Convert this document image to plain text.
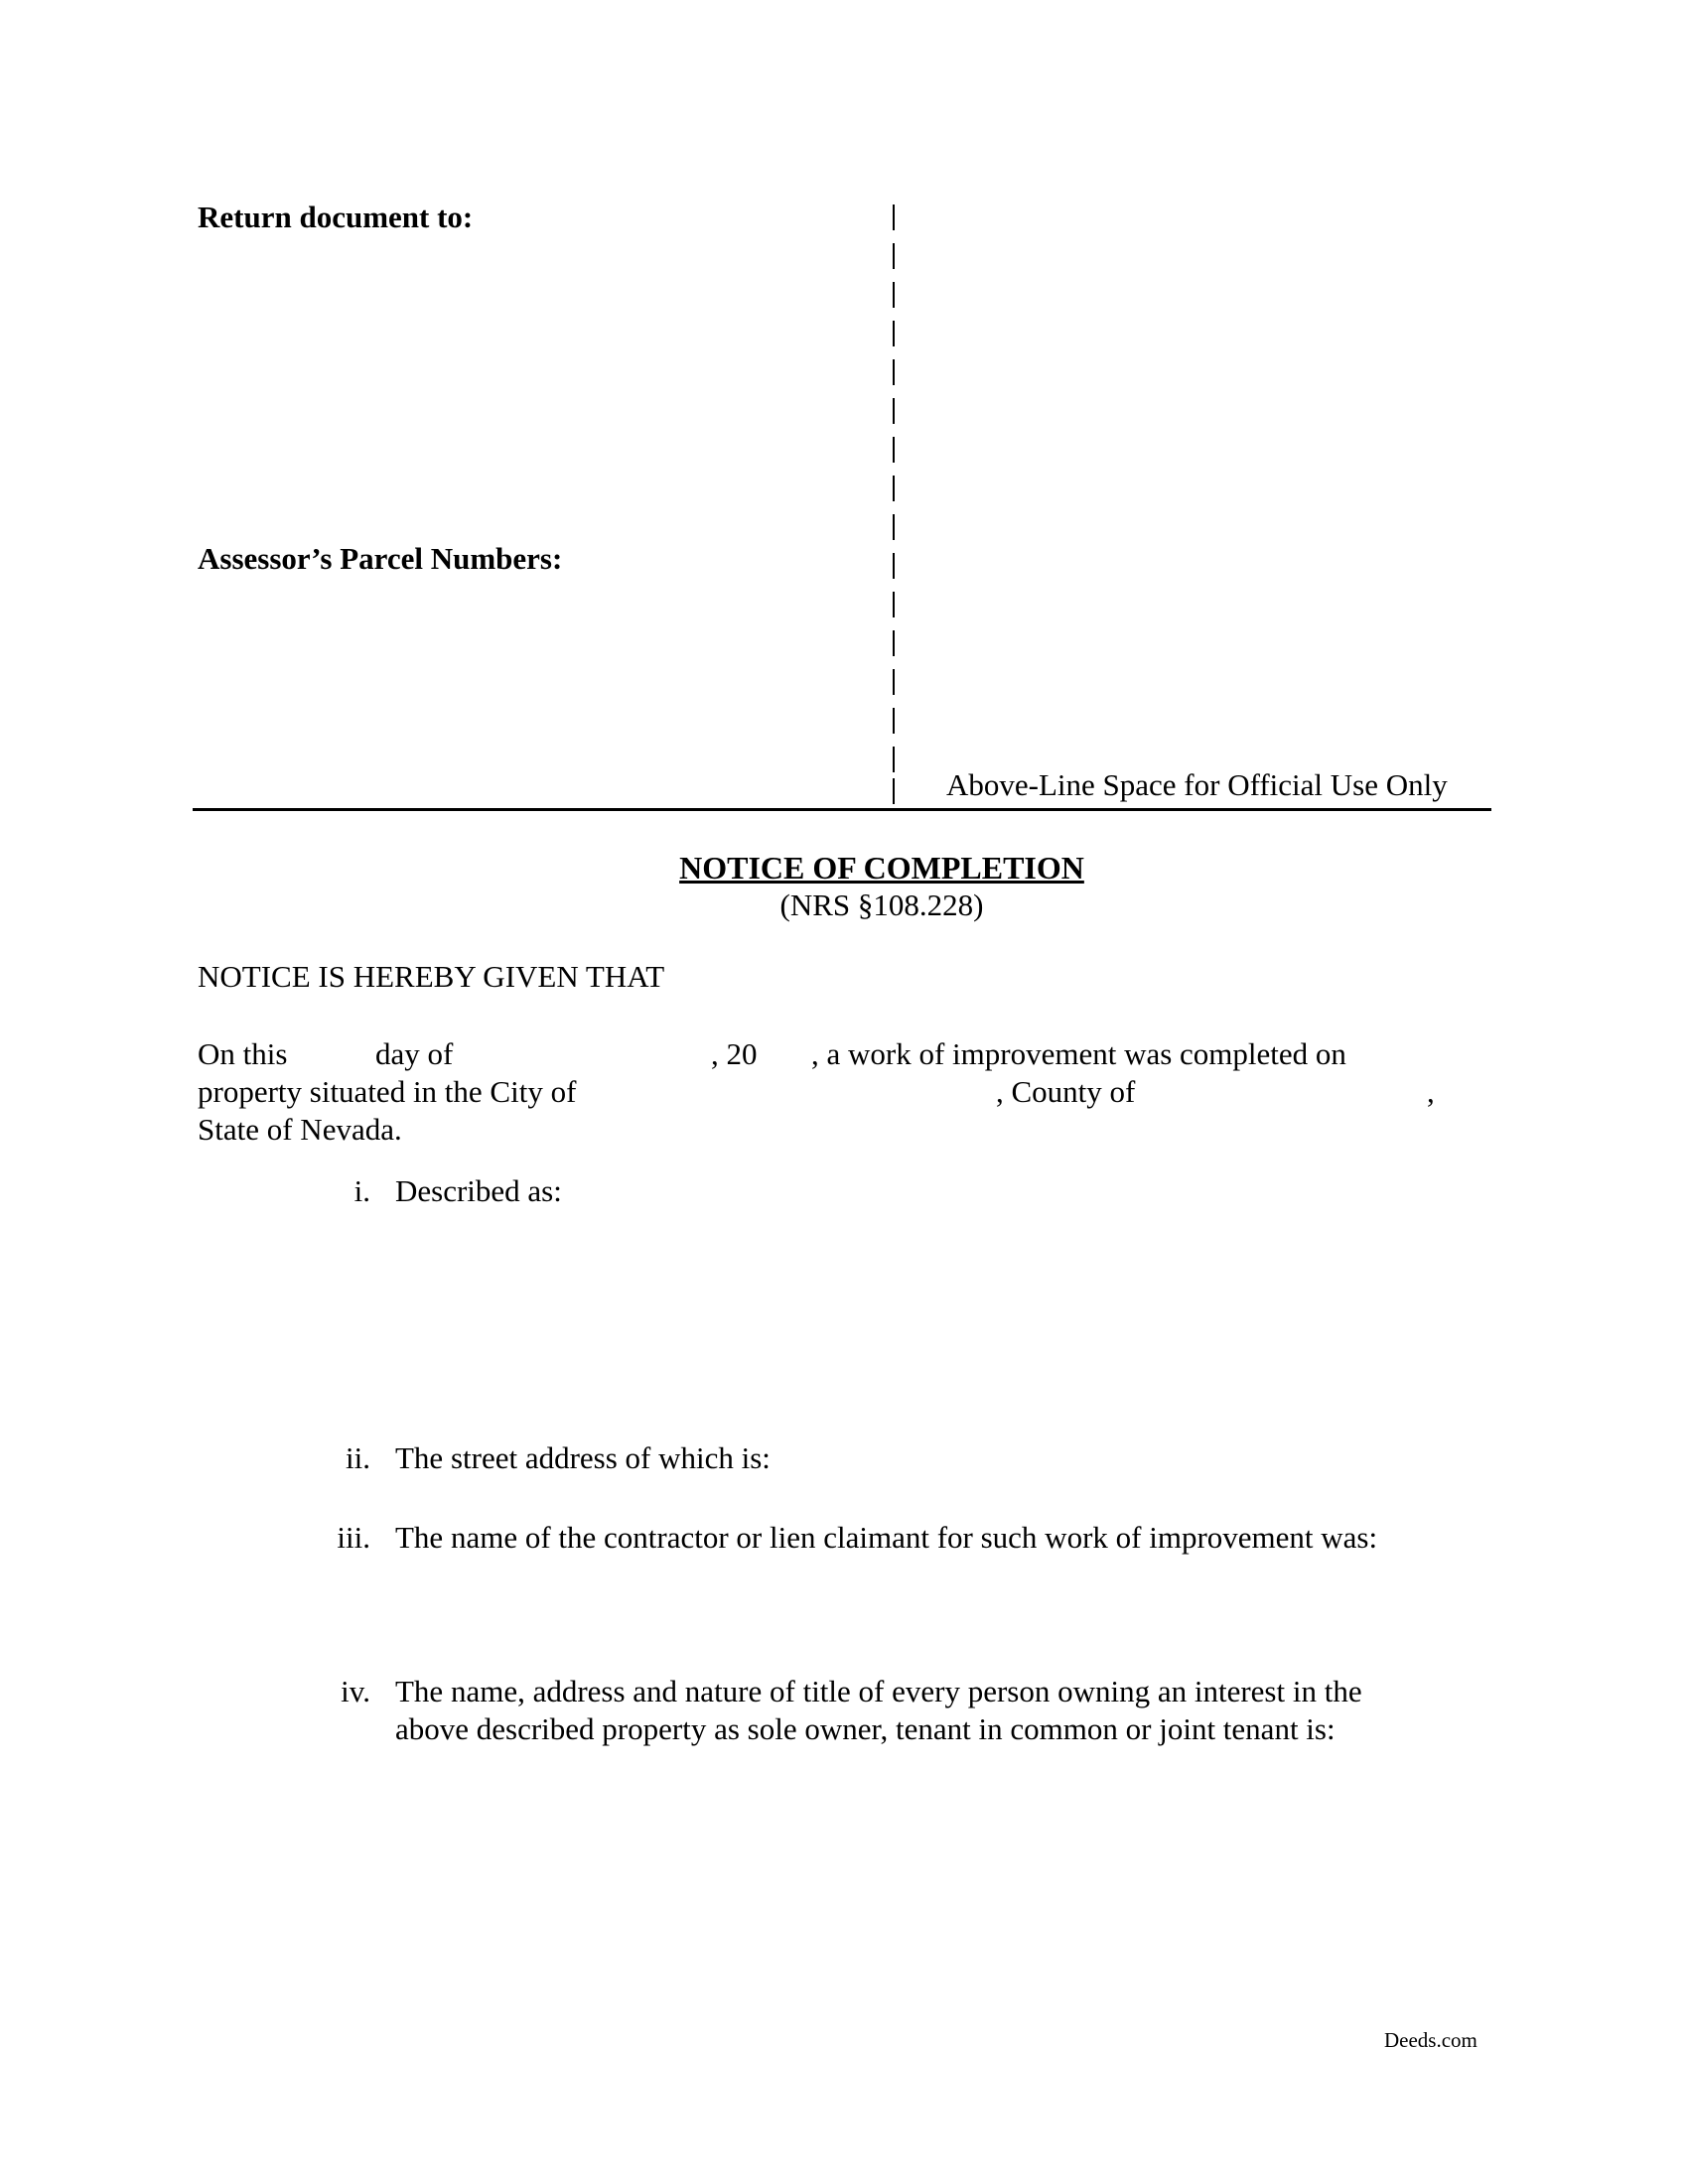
Return document to:
Assessor’s Parcel Numbers:
Above-Line Space for Official Use Only
NOTICE OF COMPLETION
(NRS §108.228)
NOTICE IS HEREBY GIVEN THAT
On this	day of	, 20 , a work of improvement was completed on
property situated in the City of	, County of	,
State of Nevada.
i. Described as:
ii. The street address of which is:
iii. The name of the contractor or lien claimant for such work of improvement was:
iv. The name, address and nature of title of every person owning an interest in the
above described property as sole owner, tenant in common or joint tenant is:
Deeds.com
